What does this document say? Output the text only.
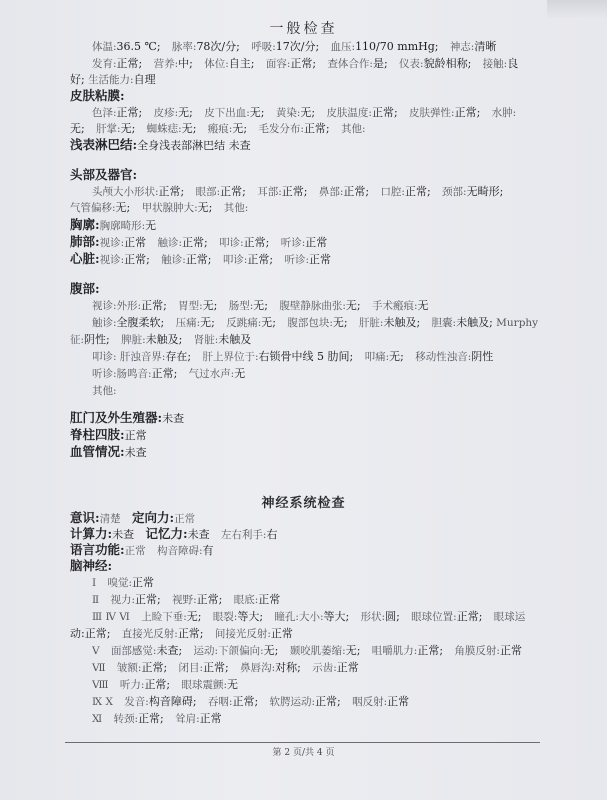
一般检查
体温:36.5 ℃; 脉率:78次/分; 呼吸:17次/分; 血压:110/70 mmHg; 神志:清晰
发育:正常; 营养:中; 体位:自主; 面容:正常; 查体合作:是; 仪表:貌龄相称; 接触:良
好; 生活能力:自理
皮肤粘膜:
色泽:正常; 皮疹:无; 皮下出血:无; 黄染:无; 皮肤温度:正常; 皮肤弹性:正常; 水肿:
无; 肝掌:无; 蜘蛛痣:无; 瘢痕:无; 毛发分布:正常; 其他:
浅表淋巴结:全身浅表部淋巴结 未查
头部及器官:
头颅大小形状:正常; 眼部:正常; 耳部:正常; 鼻部:正常; 口腔:正常; 颈部:无畸形;
气管偏移:无; 甲状腺肿大:无; 其他:
胸廓:胸廓畸形:无
肺部:视诊:正常 触诊:正常; 叩诊:正常; 听诊:正常
心脏:视诊:正常; 触诊:正常; 叩诊:正常; 听诊:正常
腹部:
视诊:外形:正常; 胃型:无; 肠型:无; 腹壁静脉曲张:无; 手术瘢痕:无
触诊:全腹柔软; 压痛:无; 反跳痛:无; 腹部包块:无; 肝脏:未触及; 胆囊:未触及; Murphy
征:阴性; 脾脏:未触及; 肾脏:未触及
叩诊: 肝浊音界:存在; 肝上界位于:右锁骨中线 5 肋间; 叩痛:无; 移动性浊音:阴性
听诊:肠鸣音:正常; 气过水声:无
其他:
肛门及外生殖器:未查
脊柱四肢:正常
血管情况:未查
神经系统检查
意识:清楚 定向力:正常
计算力:未查 记忆力:未查 左右利手:右
语言功能:正常 构音障碍:有
脑神经:
Ⅰ 嗅觉:正常
Ⅱ 视力:正常; 视野:正常; 眼底:正常
Ⅲ Ⅳ Ⅵ 上睑下垂:无; 眼裂:等大; 瞳孔:大小:等大; 形状:圆; 眼球位置:正常; 眼球运
动:正常; 直接光反射:正常; 间接光反射:正常
Ⅴ 面部感觉:未查; 运动:下颌偏向:无; 颞咬肌萎缩:无; 咀嚼肌力:正常; 角膜反射:正常
Ⅶ 皱额:正常; 闭目:正常; 鼻唇沟:对称; 示齿:正常
Ⅷ 听力:正常; 眼球震颤:无
Ⅸ Ⅹ 发音:构音障碍; 吞咽:正常; 软腭运动:正常; 咽反射:正常
Ⅺ 转颈:正常; 耸肩:正常
第 2 页/共 4 页
